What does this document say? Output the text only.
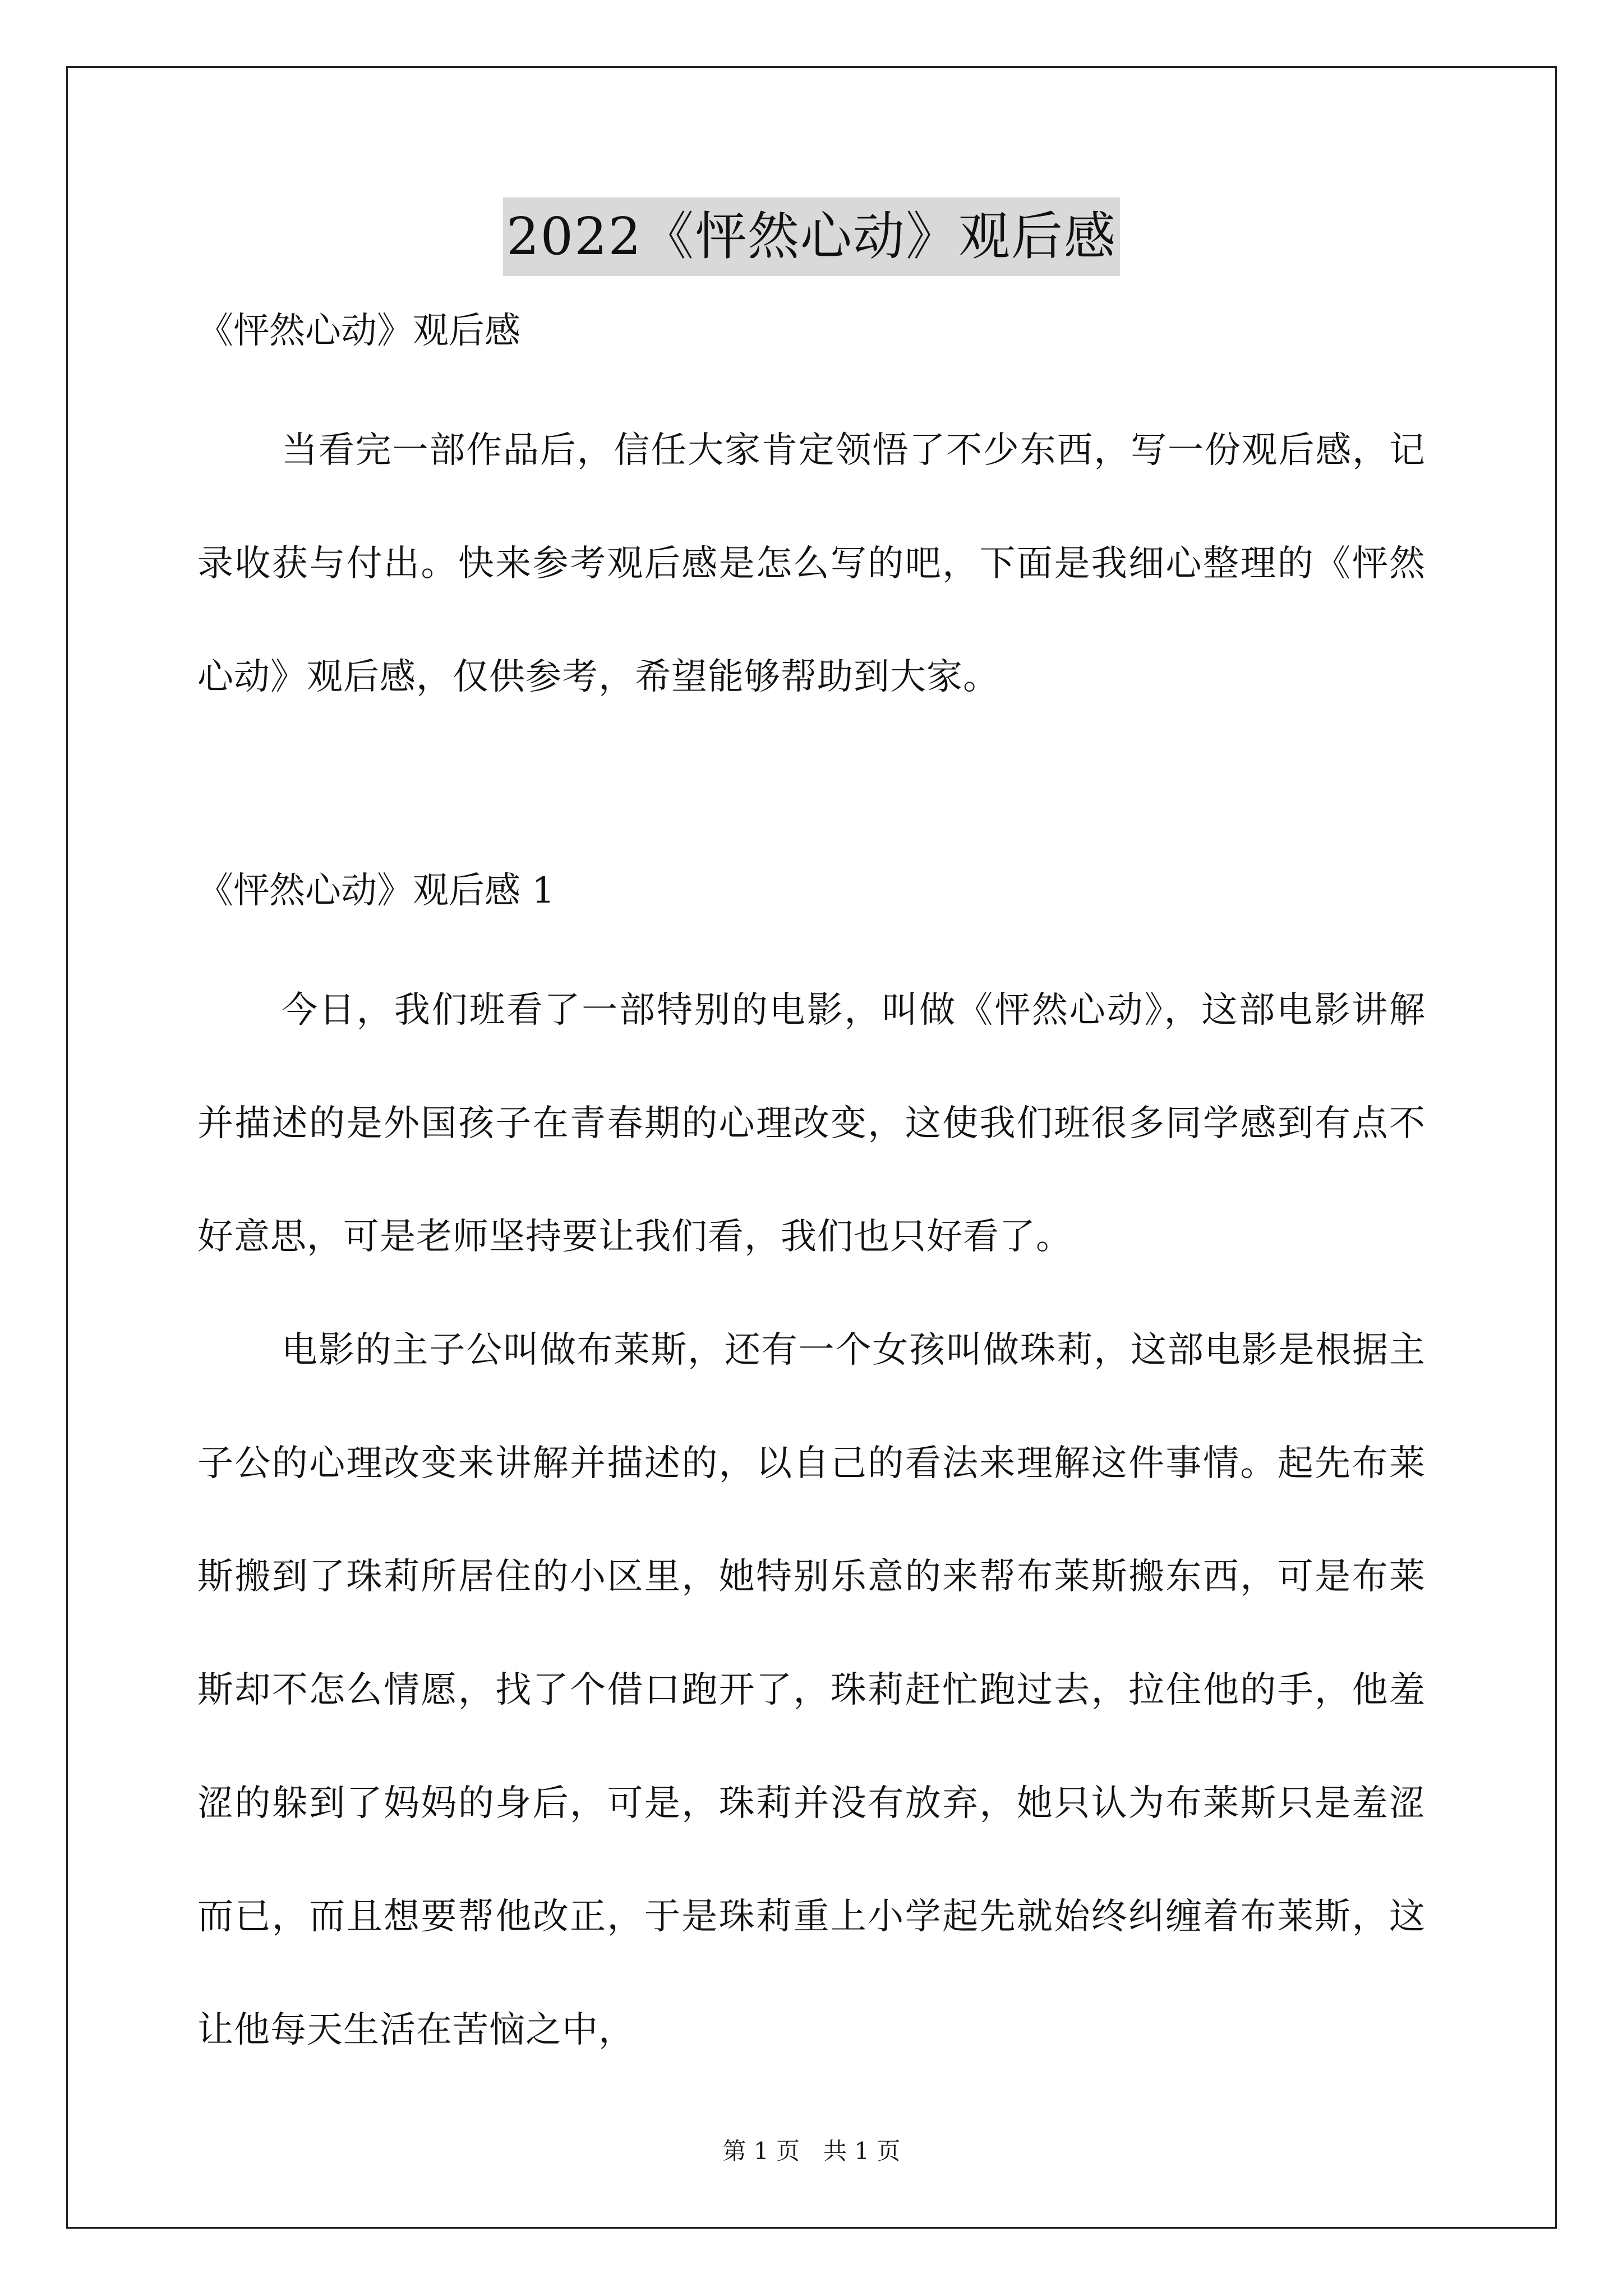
2022《怦然心动》观后感

《怦然心动》观后感

当看完一部作品后，信任大家肯定领悟了不少东西，写一份观后感，记录收获与付出。快来参考观后感是怎么写的吧，下面是我细心整理的《怦然心动》观后感，仅供参考，希望能够帮助到大家。

《怦然心动》观后感 1

今日，我们班看了一部特别的电影，叫做《怦然心动》，这部电影讲解并描述的是外国孩子在青春期的心理改变，这使我们班很多同学感到有点不好意思，可是老师坚持要让我们看，我们也只好看了。

电影的主子公叫做布莱斯，还有一个女孩叫做珠莉，这部电影是根据主子公的心理改变来讲解并描述的，以自己的看法来理解这件事情。起先布莱斯搬到了珠莉所居住的小区里，她特别乐意的来帮布莱斯搬东西，可是布莱斯却不怎么情愿，找了个借口跑开了，珠莉赶忙跑过去，拉住他的手，他羞涩的躲到了妈妈的身后，可是，珠莉并没有放弃，她只认为布莱斯只是羞涩而已，而且想要帮他改正，于是珠莉重上小学起先就始终纠缠着布莱斯，这让他每天生活在苦恼之中，

第 1 页　共 1 页
